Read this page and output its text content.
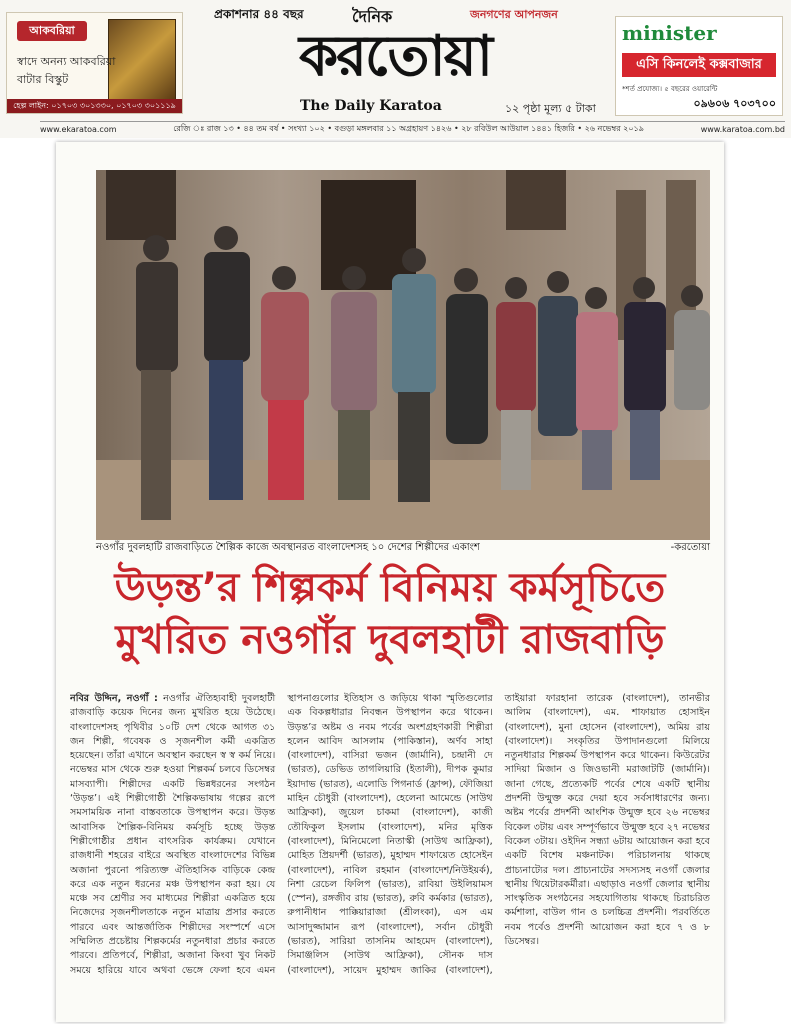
আকবরিয়া
স্বাদে অনন্য আকবরিয়া
বাটার বিস্কুট
হেল্প লাইন: ০১৭০৩ ৩০১৩৩০, ০১৭০৩ ৩০১১১৯
প্রকাশনার ৪৪ বছর	দৈনিক	জনগণের আপনজন
করতোয়া
The Daily Karatoa	১২ পৃষ্ঠা মূল্য ৫ টাকা
minister
এসি কিনলেই কক্সবাজার
*শর্ত প্রযোজ্য। ৫ বছরের ওয়ারেন্টি
০৯৬০৬ ৭০৩৭০০
www.ekaratoa.com	রেজি ঃ রাজ ১৩ • ৪৪ তম বর্ষ • সংখ্যা ১০২ • বগুড়া মঙ্গলবার ১১ অগ্রহায়ণ ১৪২৬ • ২৮ রবিউল আউয়াল ১৪৪১ হিজরি • ২৬ নভেম্বর ২০১৯	www.karatoa.com.bd
নওগাঁর দুবলহাটি রাজবাড়িতে শৈল্পিক কাজে অবস্থানরত বাংলাদেশসহ ১০ দেশের শিল্পীদের একাংশ	-করতোয়া
উড়ন্ত’র শিল্পকর্ম বিনিময় কর্মসূচিতে
মুখরিত নওগাঁর দুবলহাটী রাজবাড়ি
নবির উদ্দিন, নওগাঁ : নওগাঁর ঐতিহ্যবাহী দুবলহাটী রাজবাড়ি কয়েক দিনের জন্য মুখরিত হয়ে উঠেছে। বাংলাদেশসহ পৃথিবীর ১০টি দেশ থেকে আগত ৩১ জন শিল্পী, গবেষক ও সৃজনশীল কর্মী একত্রিত হয়েছেন। তাঁরা এখানে অবস্থান করছেন স্ব স্ব কর্ম নিয়ে। নভেম্বর মাস থেকে শুরু হওয়া শিল্পকর্ম চলবে ডিসেম্বর মাসব্যাপী। শিল্পীদের একটি ভিন্নধরনের সংগঠন ‘উড়ন্ত’। এই শিল্পীগোষ্ঠী শৈল্পিকভাষায় গল্পের রূপে সমসাময়িক নানা বাস্তবতাকে উপস্থাপন করে। উড়ন্ত আবাসিক শৈল্পিক-বিনিময় কর্মসূচি হচ্ছে উড়ন্ত শিল্পীগোষ্ঠীর প্রধান বাৎসরিক কার্যক্রম। যেখানে রাজধানী শহরের বাইরে অবস্থিত বাংলাদেশের বিভিন্ন অজানা পুরনো পরিত্যক্ত ঐতিহাসিক বাড়িকে কেন্দ্র করে এক নতুন ধরনের মঞ্চ উপস্থাপন করা হয়। যে মঞ্চে সব শ্রেণীর সব মাধ্যমের শিল্পীরা একত্রিত হয়ে নিজেদের সৃজনশীলতাকে নতুন মাত্রায় প্রসার করতে পারবে এবং আন্তর্জাতিক শিল্পীদের সংস্পর্শে এসে সম্মিলিত প্রচেষ্টায় শিল্পকর্মের নতুনধারা প্রচার করতে পারবে। প্রতিপর্বে, শিল্পীরা, অজানা কিংবা খুব নিকট সময়ে হারিয়ে যাবে অথবা ভেঙ্গে ফেলা হবে এমন স্থাপনাগুলোর ইতিহাস ও জড়িয়ে থাকা স্মৃতিগুলোর এক বিকল্পধারার নিবন্ধন উপস্থাপন করে থাকেন। উড়ন্ত’র অষ্টম ও নবম পর্বের অংশগ্রহণকারী শিল্পীরা হলেন আবিদ আসলাম (পাকিস্তান), অর্ণব সাহা (বাংলাদেশ), বাসিরা ভজন (জার্মানি), চন্দ্রানী দে (ভারত), ডেভিড তাগলিয়ারি (ইতালী), দীপক কুমার ইয়াদাভ (ভারত), এলোডি পিগনার্ড (ফ্রান্স), ফৌজিয়া মাহিন চৌধুরী (বাংলাদেশ), হেলেনা আমেন্ডে (সাউথ আফ্রিকা), জুয়েল চাকমা (বাংলাদেশ), কাজী তৌফিকুল ইসলাম (বাংলাদেশ), মনির মৃত্তিক (বাংলাদেশ), মিনিমেলো নিতাস্কী (সাউথ আফ্রিকা), মোহিত প্রিয়দর্শী (ভারত), মুহাম্মদ শাফায়েত হোসেইন (বাংলাদেশ), নাবিল রহমান (বাংলাদেশ/নিউইয়র্ক), নিশা রেচেল ফিলিপ (ভারত), রাবিয়া উইলিয়ামস (স্পেন), রঙ্গজীব রায় (ভারত), রুবি কর্মকার (ভারত), রুপানীধান পাক্কিয়ারাজা (শ্রীলংকা), এস এম আসাদুজ্জামান রূপ (বাংলাদেশ), সর্বান চৌধুরী (ভারত), সারিয়া তাসনিম আহমেদ (বাংলাদেশ), সিমাঞ্জলিস (সাউথ আফ্রিকা), সৌনক দাস (বাংলাদেশ), সায়েদ মুহাম্মদ জাকির (বাংলাদেশ), তাইয়ারা ফারহানা তারেক (বাংলাদেশ), তানভীর আলিম (বাংলাদেশ), এম. শাফায়াত হোসাইন (বাংলাদেশ), মুনা হোসেন (বাংলাদেশ), অমিয় রায় (বাংলাদেশ)। সংকৃতির উপাদানগুলো মিলিয়ে নতুনধারার শিল্পকর্ম উপস্থাপন করে থাকেন। কিউরেটর সাদিয়া মিজান ও জিওভানী মরাজাটটি (জার্মানি)। জানা গেছে, প্রত্যেকটি পর্বের শেষে একটি স্থানীয় প্রদর্শনী উন্মুক্ত করে দেয়া হবে সর্বসাধারণের জন্য। অষ্টম পর্বের প্রদর্শনী আংশিক উন্মুক্ত হবে ২৬ নভেম্বর বিকেল ৩টায় এবং সম্পূর্ণভাবে উন্মুক্ত হবে ২৭ নভেম্বর বিকেল ৩টায়। ওইদিন সন্ধ্যা ৬টায় আয়োজন করা হবে একটি বিশেষ মঞ্চনাটক। পরিচালনায় থাকছে প্রাচ্যনাট্যের দল। প্রাচ্যনাটের সদস্যসহ নওগাঁ জেলার স্থানীয় থিয়েটারকর্মীরা। এছাড়াও নওগাঁ জেলার স্থানীয় সাংস্কৃতিক সংগঠনের সহযোগিতায় থাকছে চিরাচরিত কর্মশালা, বাউল গান ও চলচ্চিত্র প্রদর্শনী। পরবর্তিতে নবম পর্বেও প্রদর্শনী আয়োজন করা হবে ৭ ও ৮ ডিসেম্বর।
